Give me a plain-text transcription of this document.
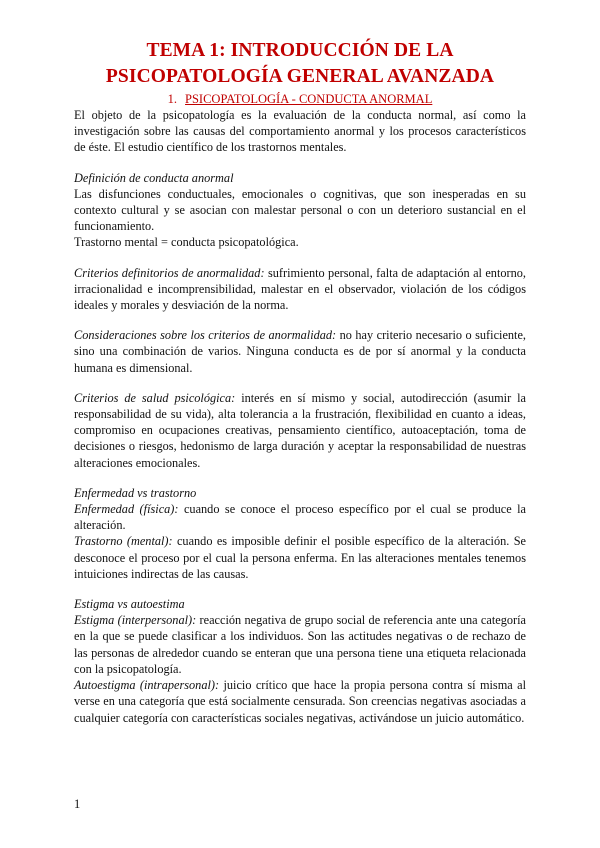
TEMA 1: INTRODUCCIÓN DE LA
PSICOPATOLOGÍA GENERAL AVANZADA
1. PSICOPATOLOGÍA - CONDUCTA ANORMAL

El objeto de la psicopatología es la evaluación de la conducta normal, así como la investigación sobre las causas del comportamiento anormal y los procesos característicos de éste. El estudio científico de los trastornos mentales.

Definición de conducta anormal

Las disfunciones conductuales, emocionales o cognitivas, que son inesperadas en su contexto cultural y se asocian con malestar personal o con un deterioro sustancial en el funcionamiento.

Trastorno mental = conducta psicopatológica.

Criterios definitorios de anormalidad: sufrimiento personal, falta de adaptación al entorno, irracionalidad e incomprensibilidad, malestar en el observador, violación de los códigos ideales y morales y desviación de la norma.

Consideraciones sobre los criterios de anormalidad: no hay criterio necesario o suficiente, sino una combinación de varios. Ninguna conducta es de por sí anormal y la conducta humana es dimensional.

Criterios de salud psicológica: interés en sí mismo y social, autodirección (asumir la responsabilidad de su vida), alta tolerancia a la frustración, flexibilidad en cuanto a ideas, compromiso en ocupaciones creativas, pensamiento científico, autoaceptación, toma de decisiones o riesgos, hedonismo de larga duración y aceptar la responsabilidad de nuestras alteraciones emocionales.

Enfermedad vs trastorno

Enfermedad (física): cuando se conoce el proceso específico por el cual se produce la alteración.

Trastorno (mental): cuando es imposible definir el posible específico de la alteración. Se desconoce el proceso por el cual la persona enferma. En las alteraciones mentales tenemos intuiciones indirectas de las causas.

Estigma vs autoestima

Estigma (interpersonal): reacción negativa de grupo social de referencia ante una categoría en la que se puede clasificar a los individuos. Son las actitudes negativas o de rechazo de las personas de alrededor cuando se enteran que una persona tiene una etiqueta relacionada con la psicopatología.

Autoestigma (intrapersonal): juicio crítico que hace la propia persona contra sí misma al verse en una categoría que está socialmente censurada. Son creencias negativas asociadas a cualquier categoría con características sociales negativas, activándose un juicio automático.

1
